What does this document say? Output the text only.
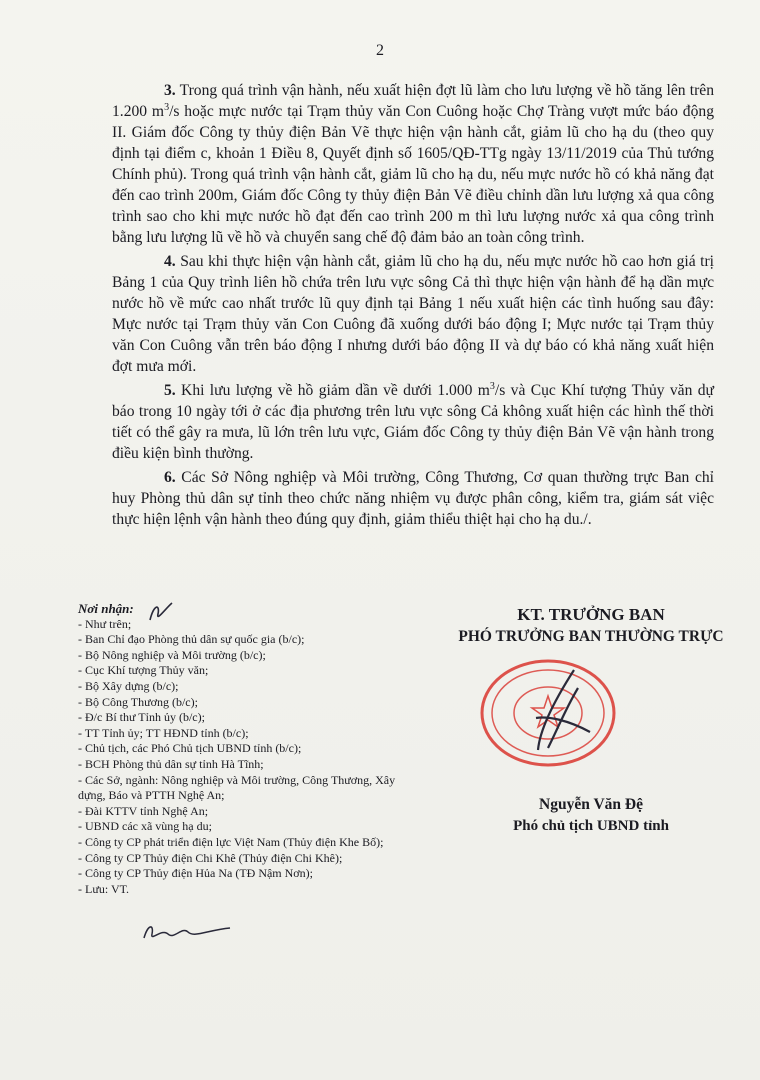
2

3. Trong quá trình vận hành, nếu xuất hiện đợt lũ làm cho lưu lượng về hồ tăng lên trên 1.200 $m^3/s$ hoặc mực nước tại Trạm thủy văn Con Cuông hoặc Chợ Tràng vượt mức báo động II. Giám đốc Công ty thủy điện Bản Vẽ thực hiện vận hành cắt, giảm lũ cho hạ du (theo quy định tại điểm c, khoản 1 Điều 8, Quyết định số 1605/QĐ-TTg ngày 13/11/2019 của Thủ tướng Chính phủ). Trong quá trình vận hành cắt, giảm lũ cho hạ du, nếu mực nước hồ có khả năng đạt đến cao trình 200m, Giám đốc Công ty thủy điện Bản Vẽ điều chỉnh dần lưu lượng xả qua công trình sao cho khi mực nước hồ đạt đến cao trình 200 m thì lưu lượng nước xả qua công trình bằng lưu lượng lũ về hồ và chuyển sang chế độ đảm bảo an toàn công trình.

4. Sau khi thực hiện vận hành cắt, giảm lũ cho hạ du, nếu mực nước hồ cao hơn giá trị Bảng 1 của Quy trình liên hồ chứa trên lưu vực sông Cả thì thực hiện vận hành để hạ dần mực nước hồ về mức cao nhất trước lũ quy định tại Bảng 1 nếu xuất hiện các tình huống sau đây: Mực nước tại Trạm thủy văn Con Cuông đã xuống dưới báo động I; Mực nước tại Trạm thủy văn Con Cuông vẫn trên báo động I nhưng dưới báo động II và dự báo có khả năng xuất hiện đợt mưa mới.

5. Khi lưu lượng về hồ giảm dần về dưới 1.000 $m^3/s$ và Cục Khí tượng Thủy văn dự báo trong 10 ngày tới ở các địa phương trên lưu vực sông Cả không xuất hiện các hình thế thời tiết có thể gây ra mưa, lũ lớn trên lưu vực, Giám đốc Công ty thủy điện Bản Vẽ vận hành trong điều kiện bình thường.

6. Các Sở Nông nghiệp và Môi trường, Công Thương, Cơ quan thường trực Ban chỉ huy Phòng thủ dân sự tỉnh theo chức năng nhiệm vụ được phân công, kiểm tra, giám sát việc thực hiện lệnh vận hành theo đúng quy định, giảm thiểu thiệt hại cho hạ du./.

Nơi nhận:
- Như trên;
- Ban Chỉ đạo Phòng thủ dân sự quốc gia (b/c);
- Bộ Nông nghiệp và Môi trường (b/c);
- Cục Khí tượng Thủy văn;
- Bộ Xây dựng (b/c);
- Bộ Công Thương (b/c);
- Đ/c Bí thư Tỉnh ủy (b/c);
- TT Tỉnh ủy; TT HĐND tỉnh (b/c);
- Chủ tịch, các Phó Chủ tịch UBND tỉnh (b/c);
- BCH Phòng thủ dân sự tỉnh Hà Tĩnh;
- Các Sở, ngành: Nông nghiệp và Môi trường, Công Thương, Xây dựng, Báo và PTTH Nghệ An;
- Đài KTTV tỉnh Nghệ An;
- UBND các xã vùng hạ du;
- Công ty CP phát triển điện lực Việt Nam (Thủy điện Khe Bố);
- Công ty CP Thủy điện Chi Khê (Thủy điện Chi Khê);
- Công ty CP Thủy điện Hủa Na (TĐ Nậm Nơn);
- Lưu: VT.
KT. TRƯỞNG BAN
PHÓ TRƯỞNG BAN THƯỜNG TRỰC
Nguyễn Văn Đệ
Phó chủ tịch UBND tỉnh
